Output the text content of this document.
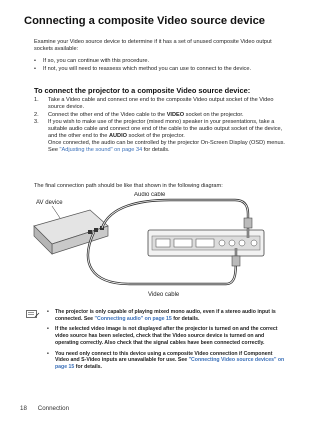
Connecting a composite Video source device

Examine your Video source device to determine if it has a set of unused composite Video output sockets available:

• If so, you can continue with this procedure.
• If not, you will need to reassess which method you can use to connect to the device.
To connect the projector to a composite Video source device:
1. Take a Video cable and connect one end to the composite Video output socket of the Video source device.
2. Connect the other end of the Video cable to the VIDEO socket on the projector.
3. If you wish to make use of the projector (mixed mono) speaker in your presentations, take a suitable audio cable and connect one end of the cable to the audio output socket of the device, and the other end to the AUDIO socket of the projector.
Once connected, the audio can be controlled by the projector On-Screen Display (OSD) menus. See "Adjusting the sound" on page 34 for details.

The final connection path should be like that shown in the following diagram:

AV device
Audio cable
Video cable
• The projector is only capable of playing mixed mono audio, even if a stereo audio input is connected. See "Connecting audio" on page 15 for details.
• If the selected video image is not displayed after the projector is turned on and the correct video source has been selected, check that the Video source device is turned on and operating correctly. Also check that the signal cables have been connected correctly.
• You need only connect to this device using a composite Video connection if Component Video and S-Video inputs are unavailable for use. See "Connecting Video source devices" on page 15 for details.
18 Connection
